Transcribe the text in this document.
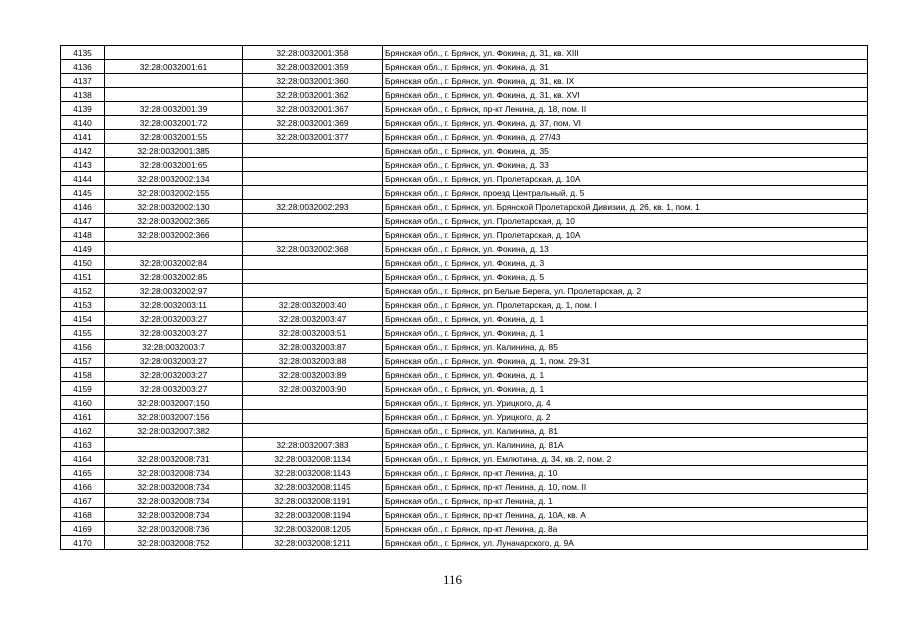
4135		32:28:0032001:358	Брянская обл., г. Брянск, ул. Фокина, д. 31, кв. XIII
4136	32:28:0032001:61	32:28:0032001:359	Брянская обл., г. Брянск, ул. Фокина, д. 31
4137		32:28:0032001:360	Брянская обл., г. Брянск, ул. Фокина, д. 31, кв. IX
4138		32:28:0032001:362	Брянская обл., г. Брянск, ул. Фокина, д. 31, кв. XVI
4139	32:28:0032001:39	32:28:0032001:367	Брянская обл., г. Брянск, пр-кт Ленина, д. 18, пом. II
4140	32:28:0032001:72	32:28:0032001:369	Брянская обл., г. Брянск, ул. Фокина, д. 37, пом. VI
4141	32:28:0032001:55	32:28:0032001:377	Брянская обл., г. Брянск, ул. Фокина, д. 27/43
4142	32:28:0032001:385		Брянская обл., г. Брянск, ул. Фокина, д. 35
4143	32:28:0032001:65		Брянская обл., г. Брянск, ул. Фокина, д. 33
4144	32:28:0032002:134		Брянская обл., г. Брянск, ул. Пролетарская, д. 10А
4145	32:28:0032002:155		Брянская обл., г. Брянск, проезд Центральный, д. 5
4146	32:28:0032002:130	32:28:0032002:293	Брянская обл., г. Брянск, ул. Брянской Пролетарской Дивизии, д. 26, кв. 1, пом. 1
4147	32:28:0032002:365		Брянская обл., г. Брянск, ул. Пролетарская, д. 10
4148	32:28:0032002:366		Брянская обл., г. Брянск, ул. Пролетарская, д. 10А
4149		32:28:0032002:368	Брянская обл., г. Брянск, ул. Фокина, д. 13
4150	32:28:0032002:84		Брянская обл., г. Брянск, ул. Фокина, д. 3
4151	32:28:0032002:85		Брянская обл., г. Брянск, ул. Фокина, д. 5
4152	32:28:0032002:97		Брянская обл., г. Брянск, рп Белые Берега, ул. Пролетарская, д. 2
4153	32:28:0032003:11	32:28:0032003:40	Брянская обл., г. Брянск, ул. Пролетарская, д. 1, пом. I
4154	32:28:0032003:27	32:28:0032003:47	Брянская обл., г. Брянск, ул. Фокина, д. 1
4155	32:28:0032003:27	32:28:0032003:51	Брянская обл., г. Брянск, ул. Фокина, д. 1
4156	32:28:0032003:7	32:28:0032003:87	Брянская обл., г. Брянск, ул. Калинина, д. 85
4157	32:28:0032003:27	32:28:0032003:88	Брянская обл., г. Брянск, ул. Фокина, д. 1, пом. 29-31
4158	32:28:0032003:27	32:28:0032003:89	Брянская обл., г. Брянск, ул. Фокина, д. 1
4159	32:28:0032003:27	32:28:0032003:90	Брянская обл., г. Брянск, ул. Фокина, д. 1
4160	32:28:0032007:150		Брянская обл., г. Брянск, ул. Урицкого, д. 4
4161	32:28:0032007:156		Брянская обл., г. Брянск, ул. Урицкого, д. 2
4162	32:28:0032007:382		Брянская обл., г. Брянск, ул. Калинина, д. 81
4163		32:28:0032007:383	Брянская обл., г. Брянск, ул. Калинина, д. 81А
4164	32:28:0032008:731	32:28:0032008:1134	Брянская обл., г. Брянск, ул. Емлютина, д. 34, кв. 2, пом. 2
4165	32:28:0032008:734	32:28:0032008:1143	Брянская обл., г. Брянск, пр-кт Ленина, д. 10
4166	32:28:0032008:734	32:28:0032008:1145	Брянская обл., г. Брянск, пр-кт Ленина, д. 10, пом. II
4167	32:28:0032008:734	32:28:0032008:1191	Брянская обл., г. Брянск, пр-кт Ленина, д. 1
4168	32:28:0032008:734	32:28:0032008:1194	Брянская обл., г. Брянск, пр-кт Ленина, д. 10А, кв. А
4169	32:28:0032008:736	32:28:0032008:1205	Брянская обл., г. Брянск, пр-кт Ленина, д. 8а
4170	32:28:0032008:752	32:28:0032008:1211	Брянская обл., г. Брянск, ул. Луначарского, д. 9А
116
